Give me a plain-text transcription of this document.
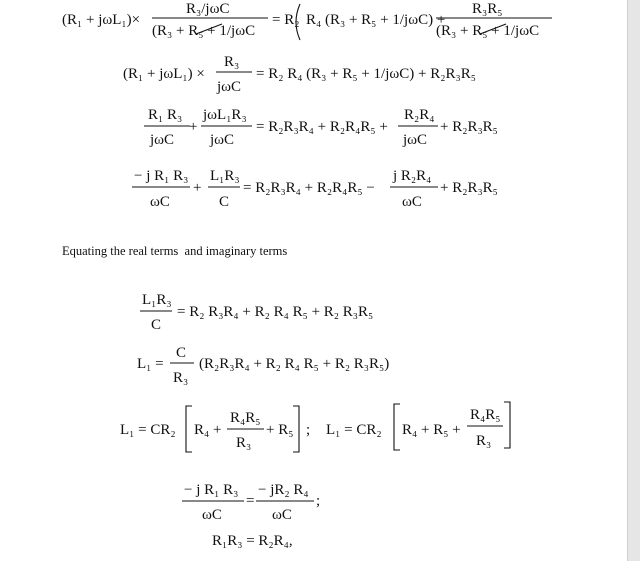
(R₁ + jωL₁)×
R₃/jωC
(R₃ + R₅ + 1/jωC
= R₂ R₄ (R₃ + R₅ + 1/jωC) +
R₃R₅
(R₃ + R₅ + 1/jωC
(R₁ + jωL₁) ×
R₃
jωC
= R₂ R₄ (R₃ + R₅ + 1/jωC) + R₂R₃R₅
R₁ R₃
jωC
+
jωL₁R₃
jωC
= R₂R₃R₄ + R₂R₄R₅ +
R₂R₄
jωC
+ R₂R₃R₅
− j R₁ R₃
ωC
+
L₁R₃
C
= R₂R₃R₄ + R₂R₄R₅ −
j R₂R₄
ωC
+ R₂R₃R₅
L₁R₃
C
= R₂ R₃R₄ + R₂ R₄ R₅ + R₂ R₃R₅
L₁ =
C
R₃
(R₂R₃R₄ + R₂ R₄ R₅ + R₂ R₃R₅)
L₁ = CR₂ R₄ +
R₄R₅
R₃
+ R₅ ; L₁ = CR₂ R₄ + R₅ +
R₄R₅
R₃
− j R₁ R₃
ωC
=
− jR₂ R₄
ωC
;
R₁R₃ = R₂R₄,
Equating the real terms  and imaginary terms
